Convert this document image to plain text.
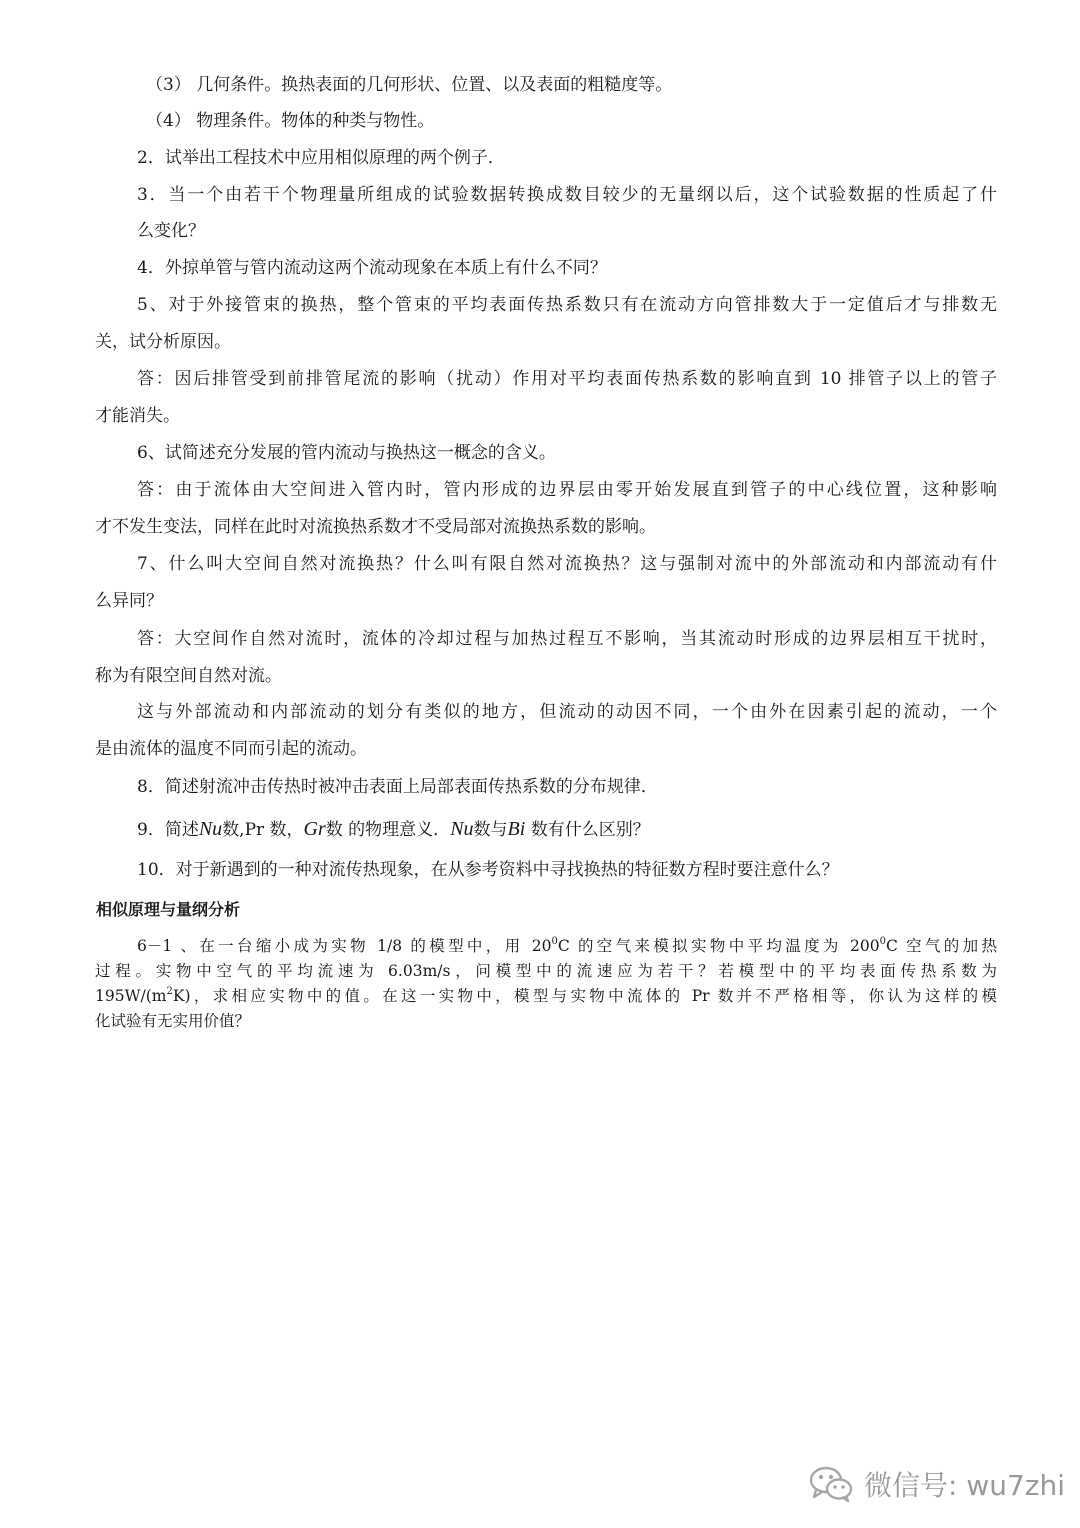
（3） 几何条件。换热表面的几何形状、位置、以及表面的粗糙度等。
（4） 物理条件。物体的种类与物性。
2．试举出工程技术中应用相似原理的两个例子．
3．当一个由若干个物理量所组成的试验数据转换成数目较少的无量纲以后，这个试验数据的性质起了什
么变化？
4．外掠单管与管内流动这两个流动现象在本质上有什么不同？
5、对于外接管束的换热，整个管束的平均表面传热系数只有在流动方向管排数大于一定值后才与排数无
关，试分析原因。
答：因后排管受到前排管尾流的影响（扰动）作用对平均表面传热系数的影响直到 10 排管子以上的管子
才能消失。
6、试简述充分发展的管内流动与换热这一概念的含义。
答：由于流体由大空间进入管内时，管内形成的边界层由零开始发展直到管子的中心线位置，这种影响
才不发生变法，同样在此时对流换热系数才不受局部对流换热系数的影响。
7、什么叫大空间自然对流换热？什么叫有限自然对流换热？这与强制对流中的外部流动和内部流动有什
么异同？
答：大空间作自然对流时，流体的冷却过程与加热过程互不影响，当其流动时形成的边界层相互干扰时，
称为有限空间自然对流。
这与外部流动和内部流动的划分有类似的地方，但流动的动因不同，一个由外在因素引起的流动，一个
是由流体的温度不同而引起的流动。
8．简述射流冲击传热时被冲击表面上局部表面传热系数的分布规律．
9．简述Nu数,Pr 数，Gr数 的物理意义．Nu数与Bi 数有什么区别？
10．对于新遇到的一种对流传热现象，在从参考资料中寻找换热的特征数方程时要注意什么？
相似原理与量纲分析
6－1 、在一台缩小成为实物 1/8 的模型中，用 $20^0C$ 的空气来模拟实物中平均温度为 $200^0C$ 空气的加热
过程。实物中空气的平均流速为 6.03m/s，问模型中的流速应为若干？若模型中的平均表面传热系数为
$195W/(m^2K)$，求相应实物中的值。在这一实物中，模型与实物中流体的 Pr 数并不严格相等，你认为这样的模
化试验有无实用价值？
微信号: wu7zhi
